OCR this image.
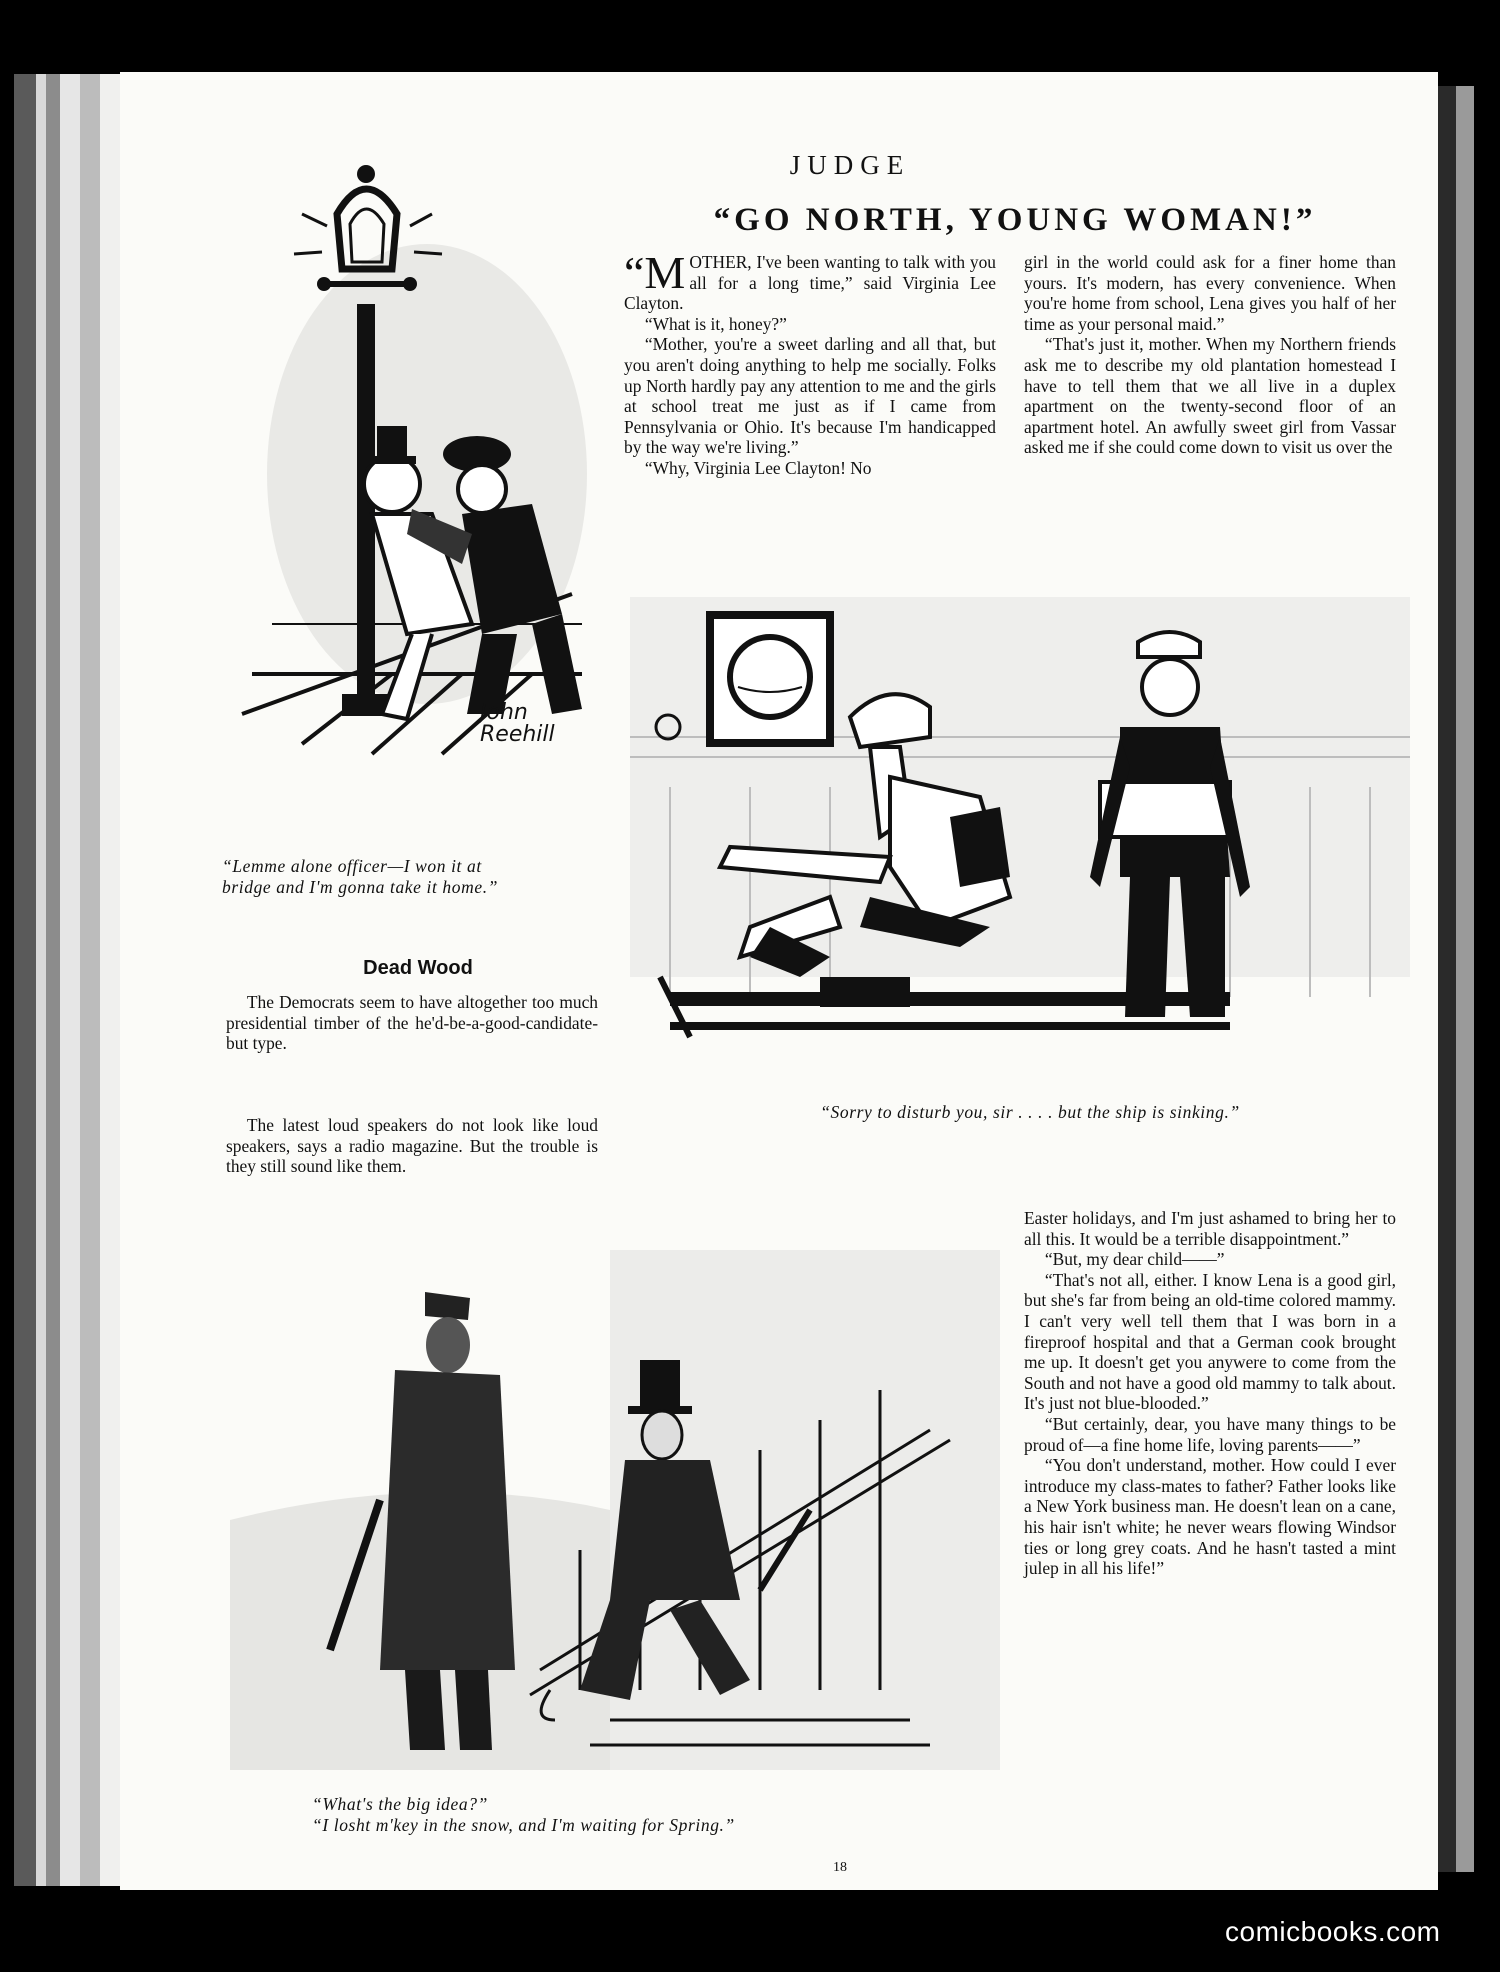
JUDGE
“GO NORTH, YOUNG WOMAN!”

“MOTHER, I've been wanting to talk with you all for a long time,” said Virginia Lee Clayton.

“What is it, honey?”

“Mother, you're a sweet darling and all that, but you aren't doing anything to help me socially. Folks up North hardly pay any attention to me and the girls at school treat me just as if I came from Pennsylvania or Ohio. It's because I'm handicapped by the way we're living.”

“Why, Virginia Lee Clayton! No

girl in the world could ask for a finer home than yours. It's modern, has every convenience. When you're home from school, Lena gives you half of her time as your personal maid.”

“That's just it, mother. When my Northern friends ask me to describe my old plantation homestead I have to tell them that we all live in a duplex apartment on the twenty-second floor of an apartment hotel. An awfully sweet girl from Vassar asked me if she could come down to visit us over the

John Reehill
“Lemme alone officer—I won it at
bridge and I'm gonna take it home.”
Dead Wood
The Democrats seem to have altogether too much presidential timber of the he'd-be-a-good-candidate-but type.
The latest loud speakers do not look like loud speakers, says a radio magazine. But the trouble is they still sound like them.
“Sorry to disturb you, sir . . . . but the ship is sinking.”

Easter holidays, and I'm just ashamed to bring her to all this. It would be a terrible disappointment.”

“But, my dear child——”

“That's not all, either. I know Lena is a good girl, but she's far from being an old-time colored mammy. I can't very well tell them that I was born in a fireproof hospital and that a German cook brought me up. It doesn't get you anywere to come from the South and not have a good old mammy to talk about. It's just not blue-blooded.”

“But certainly, dear, you have many things to be proud of—a fine home life, loving parents——”

“You don't understand, mother. How could I ever introduce my class-mates to father? Father looks like a New York business man. He doesn't lean on a cane, his hair isn't white; he never wears flowing Windsor ties or long grey coats. And he hasn't tasted a mint julep in all his life!”

“What's the big idea?”
“I losht m'key in the snow, and I'm waiting for Spring.”
18
comicbooks.com
